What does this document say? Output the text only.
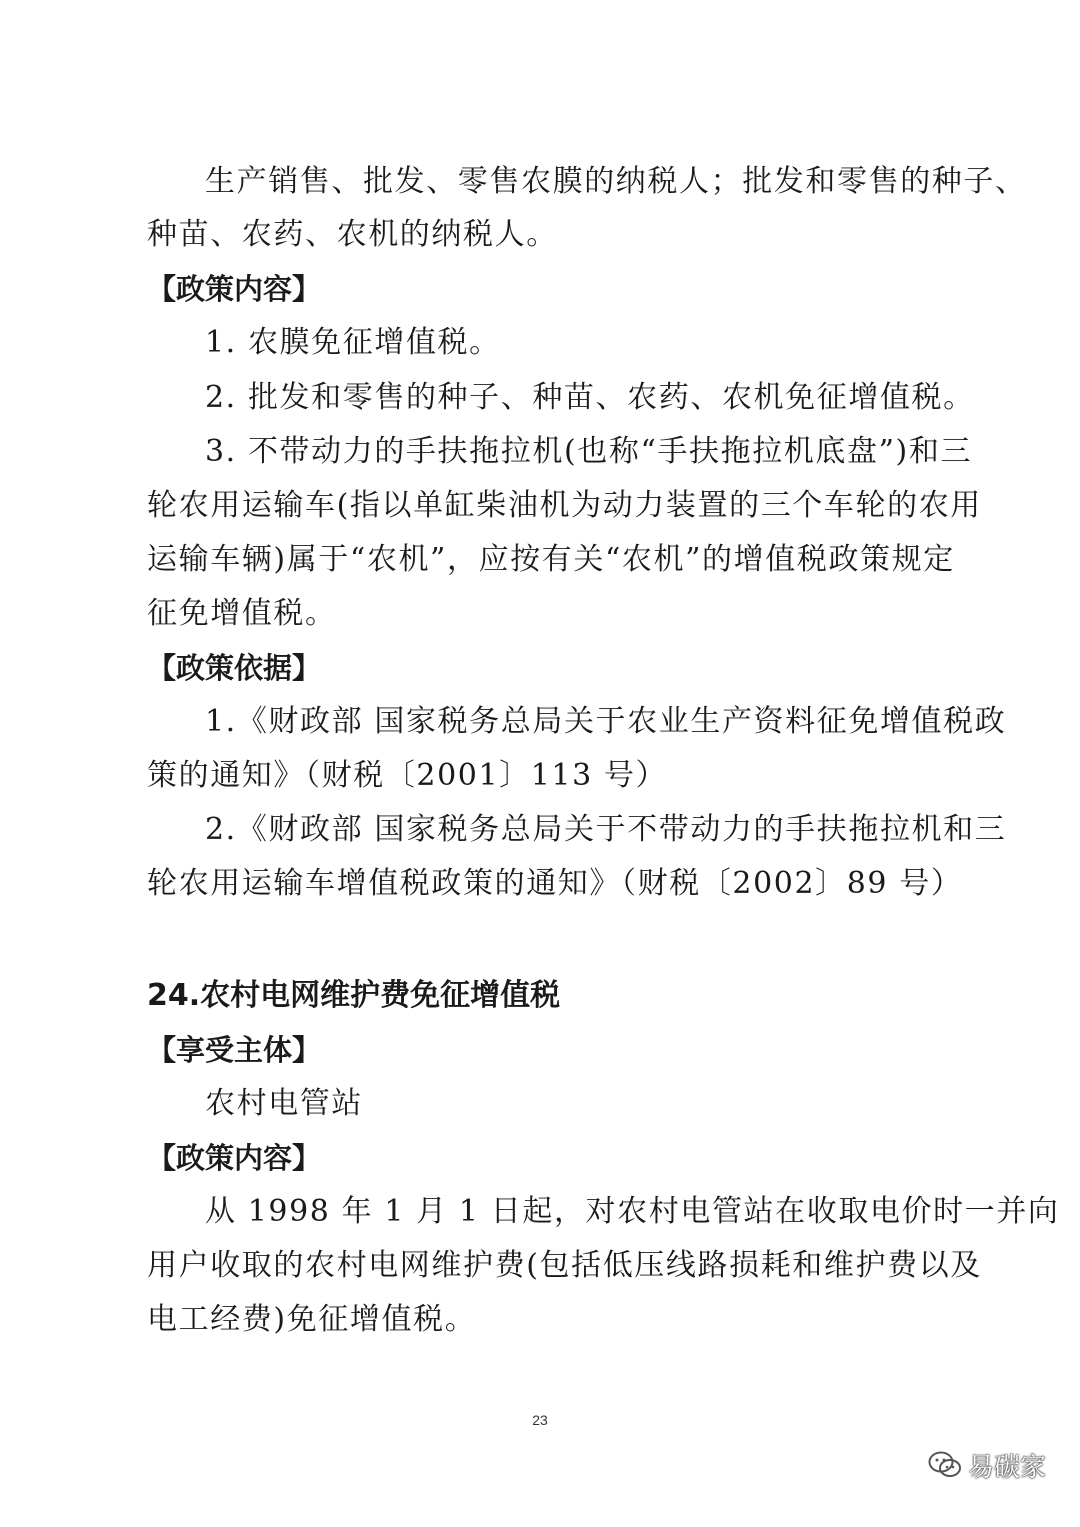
生产销售、批发、零售农膜的纳税人；批发和零售的种子、
种苗、农药、农机的纳税人。
【政策内容】
1. 农膜免征增值税。
2. 批发和零售的种子、种苗、农药、农机免征增值税。
3. 不带动力的手扶拖拉机(也称“手扶拖拉机底盘”)和三
轮农用运输车(指以单缸柴油机为动力装置的三个车轮的农用
运输车辆)属于“农机”，应按有关“农机”的增值税政策规定
征免增值税。
【政策依据】
1.《财政部 国家税务总局关于农业生产资料征免增值税政
策的通知》（财税〔2001〕113 号）
2.《财政部 国家税务总局关于不带动力的手扶拖拉机和三
轮农用运输车增值税政策的通知》（财税〔2002〕89 号）
24.农村电网维护费免征增值税
【享受主体】
农村电管站
【政策内容】
从 1998 年 1 月 1 日起，对农村电管站在收取电价时一并向
用户收取的农村电网维护费(包括低压线路损耗和维护费以及
电工经费)免征增值税。
23
易碳家
